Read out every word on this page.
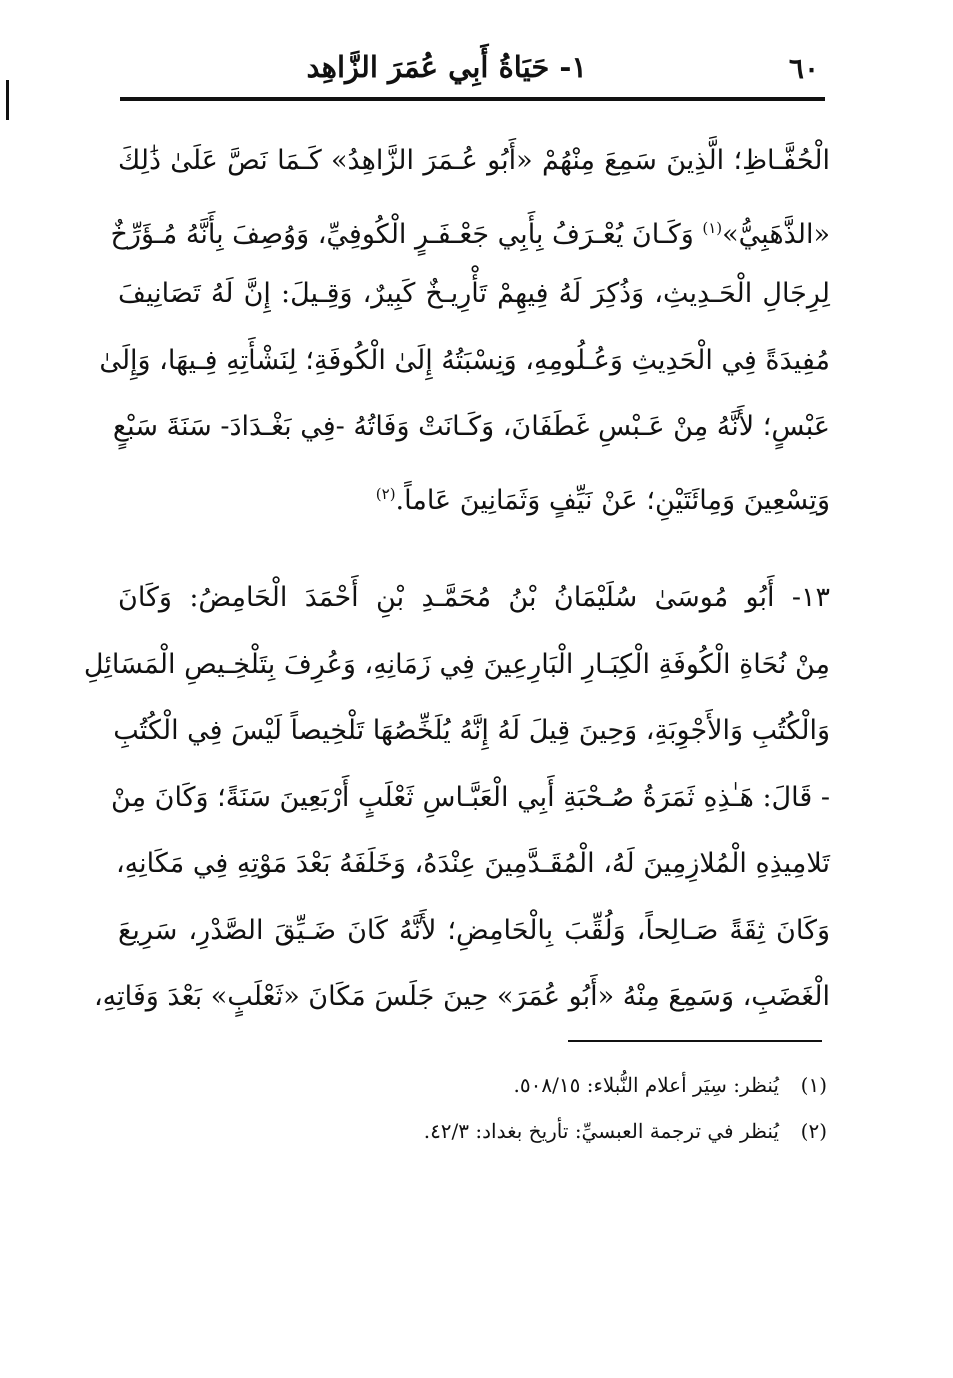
٦٠
١- حَيَاةُ أَبِي عُمَرَ الزَّاهِد
الْحُفَّـاظِ؛ الَّذِينَ سَمِعَ مِنْهُمْ «أَبُو عُـمَرَ الزَّاهِدُ» كَـمَا نَصَّ عَلَىٰ ذَٰلِكَ
«الذَّهَبِيُّ»$^{(١)}$ وَكَـانَ يُعْـرَفُ بِأَبِي جَعْـفَـرٍ الْكُوفِيِّ، وَوُصِفَ بِأَنَّهُ مُـؤَرِّخٌ
لِرِجَالِ الْحَـدِيثِ، وَذُكِرَ لَهُ فِيهِمْ تَأْرِيـخٌ كَبِيرٌ، وَقِـيلَ: إِنَّ لَهُ تَصَانِيفَ
مُفِيدَةً فِي الْحَدِيثِ وَعُـلُومِهِ، وَنِسْبَتُهُ إِلَىٰ الْكُوفَةِ؛ لِنَشْأَتِهِ فِـيهَا، وَإِلَىٰ
عَبْسٍ؛ لأَنَّهُ مِنْ عَـبْسِ غَطَفَانَ، وَكَـانَتْ وَفَاتُهُ -فِي بَغْـدَادَ- سَنَةَ سَبْعٍ
وَتِسْعِينَ وَمِائَتَيْنِ؛ عَنْ نَيِّفٍ وَثَمَانِينَ عَاماً.$^{(٢)}$
١٣- أَبُو مُوسَىٰ سُلَيْمَانُ بْنُ مُحَمَّـدِ بْنِ أَحْمَدَ الْحَامِضُ: وَكَانَ
مِنْ نُحَاةِ الْكُوفَةِ الْكِبَـارِ الْبَارِعِينَ فِي زَمَانِهِ، وَعُرِفَ بِتَلْخِـيصِ الْمَسَائِلِ
وَالْكُتُبِ وَالأَجْوِبَةِ، وَحِينَ قِيلَ لَهُ إِنَّهُ يُلَخِّصُهَا تَلْخِيصاً لَيْسَ فِي الْكُتُبِ
- قَالَ: هَـٰذِهِ ثَمَرَةُ صُـحْبَةِ أَبِي الْعَبَّـاسِ ثَعْلَبٍ أَرْبَعِينَ سَنَةً؛ وَكَانَ مِنْ
تَلامِيذِهِ الْمُلازِمِينَ لَهُ، الْمُقَـدَّمِينَ عِنْدَهُ، وَخَلَفَهُ بَعْدَ مَوْتِهِ فِي مَكَانِهِ،
وَكَانَ ثِقَةً صَـالِحاً، وَلُقِّبَ بِالْحَامِضِ؛ لأَنَّهُ كَانَ ضَـيِّقَ الصَّدْرِ، سَرِيعَ
الْغَضَبِ، وَسَمِعَ مِنْهُ «أَبُو عُمَرَ» حِينَ جَلَسَ مَكَانَ «ثَعْلَبٍ» بَعْدَ وَفَاتِهِ،
(١)يُنظر: سِيَر أعلام النُّبلاء: ٥٠٨/١٥.
(٢)يُنظر في ترجمة العبسيِّ: تأريخ بغداد: ٤٢/٣.
